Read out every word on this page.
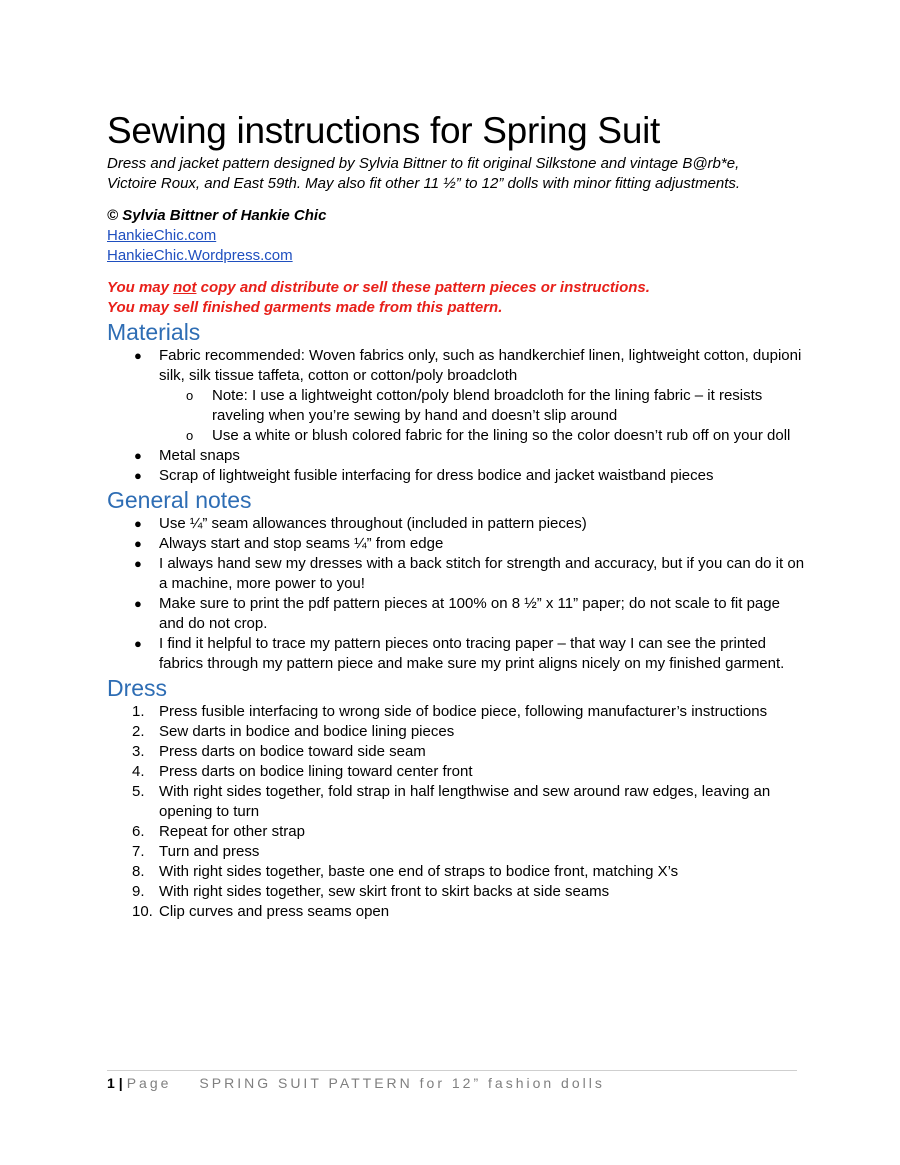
Sewing instructions for Spring Suit

Dress and jacket pattern designed by Sylvia Bittner to fit original Silkstone and vintage B@rb*e,
Victoire Roux, and East 59th. May also fit other 11 ½” to 12” dolls with minor fitting adjustments.

© Sylvia Bittner of Hankie Chic
HankieChic.com
HankieChic.Wordpress.com
You may not copy and distribute or sell these pattern pieces or instructions.
You may sell finished garments made from this pattern.
Materials
● Fabric recommended: Woven fabrics only, such as handkerchief linen, lightweight cotton, dupioni silk, silk tissue taffeta, cotton or cotton/poly broadcloth
o Note: I use a lightweight cotton/poly blend broadcloth for the lining fabric – it resists raveling when you’re sewing by hand and doesn’t slip around
o Use a white or blush colored fabric for the lining so the color doesn’t rub off on your doll
● Metal snaps
● Scrap of lightweight fusible interfacing for dress bodice and jacket waistband pieces
General notes
● Use ¼” seam allowances throughout (included in pattern pieces)
● Always start and stop seams ¼” from edge
● I always hand sew my dresses with a back stitch for strength and accuracy, but if you can do it on a machine, more power to you!
● Make sure to print the pdf pattern pieces at 100% on 8 ½” x 11” paper; do not scale to fit page and do not crop.
● I find it helpful to trace my pattern pieces onto tracing paper – that way I can see the printed fabrics through my pattern piece and make sure my print aligns nicely on my finished garment.
Dress
1. Press fusible interfacing to wrong side of bodice piece, following manufacturer’s instructions
2. Sew darts in bodice and bodice lining pieces
3. Press darts on bodice toward side seam
4. Press darts on bodice lining toward center front
5. With right sides together, fold strap in half lengthwise and sew around raw edges, leaving an opening to turn
6. Repeat for other strap
7. Turn and press
8. With right sides together, baste one end of straps to bodice front, matching X’s
9. With right sides together, sew skirt front to skirt backs at side seams
10. Clip curves and press seams open
1 | Page SPRING SUIT PATTERN for 12” fashion dolls
